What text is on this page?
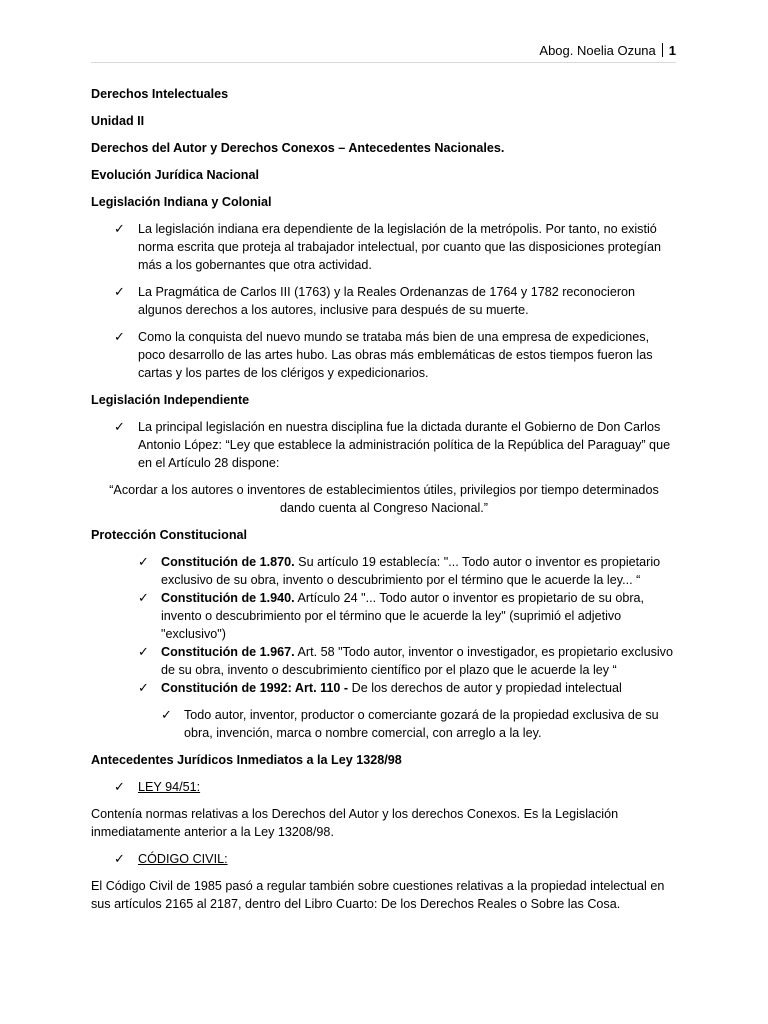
Abog. Noelia Ozuna 1

Derechos Intelectuales

Unidad II

Derechos del Autor y Derechos Conexos – Antecedentes Nacionales.

Evolución Jurídica Nacional

Legislación Indiana y Colonial

✓ La legislación indiana era dependiente de la legislación de la metrópolis. Por tanto, no existió norma escrita que proteja al trabajador intelectual, por cuanto que las disposiciones protegían más a los gobernantes que otra actividad.
✓ La Pragmática de Carlos III (1763) y la Reales Ordenanzas de 1764 y 1782 reconocieron algunos derechos a los autores, inclusive para después de su muerte.
✓ Como la conquista del nuevo mundo se trataba más bien de una empresa de expediciones, poco desarrollo de las artes hubo. Las obras más emblemáticas de estos tiempos fueron las cartas y los partes de los clérigos y expedicionarios.

Legislación Independiente

✓ La principal legislación en nuestra disciplina fue la dictada durante el Gobierno de Don Carlos Antonio López: “Ley que establece la administración política de la República del Paraguay” que en el Artículo 28 dispone:

“Acordar a los autores o inventores de establecimientos útiles, privilegios por tiempo determinados dando cuenta al Congreso Nacional.”

Protección Constitucional

✓ Constitución de 1.870. Su artículo 19 establecía: "... Todo autor o inventor es propietario exclusivo de su obra, invento o descubrimiento por el término que le acuerde la ley... “
✓ Constitución de 1.940. Artículo 24 "... Todo autor o inventor es propietario de su obra, invento o descubrimiento por el término que le acuerde la ley" (suprimió el adjetivo "exclusivo")
✓ Constitución de 1.967. Art. 58 "Todo autor, inventor o investigador, es propietario exclusivo de su obra, invento o descubrimiento científico por el plazo que le acuerde la ley “
✓ Constitución de 1992: Art. 110 - De los derechos de autor y propiedad intelectual
✓ Todo autor, inventor, productor o comerciante gozará de la propiedad exclusiva de su obra, invención, marca o nombre comercial, con arreglo a la ley.

Antecedentes Jurídicos Inmediatos a la Ley 1328/98

✓ LEY 94/51:

Contenía normas relativas a los Derechos del Autor y los derechos Conexos. Es la Legislación inmediatamente anterior a la Ley 13208/98.

✓ CÓDIGO CIVIL:

El Código Civil de 1985 pasó a regular también sobre cuestiones relativas a la propiedad intelectual en sus artículos 2165 al 2187, dentro del Libro Cuarto: De los Derechos Reales o Sobre las Cosa.
